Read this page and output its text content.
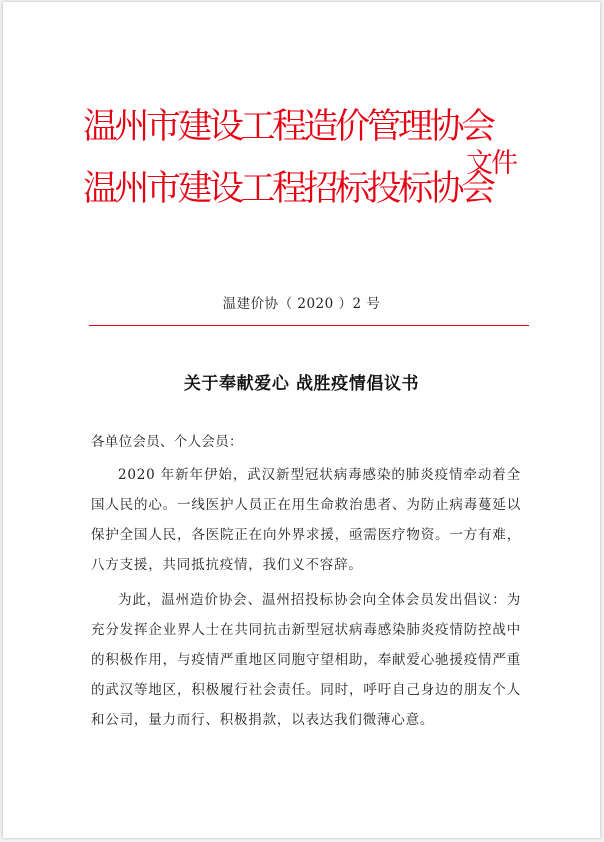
温州市建设工程造价管理协会
温州市建设工程招标投标协会
文件
温建价协（ 2020 ）2 号
关于奉献爱心 战胜疫情倡议书
各单位会员、个人会员：
2020 年新年伊始，武汉新型冠状病毒感染的肺炎疫情牵动着全国人民的心。一线医护人员正在用生命救治患者、为防止病毒蔓延以保护全国人民，各医院正在向外界求援，亟需医疗物资。一方有难，八方支援，共同抵抗疫情，我们义不容辞。
为此，温州造价协会、温州招投标协会向全体会员发出倡议：为充分发挥企业界人士在共同抗击新型冠状病毒感染肺炎疫情防控战中的积极作用，与疫情严重地区同胞守望相助，奉献爱心驰援疫情严重的武汉等地区，积极履行社会责任。同时，呼吁自己身边的朋友个人和公司，量力而行、积极捐款，以表达我们微薄心意。
